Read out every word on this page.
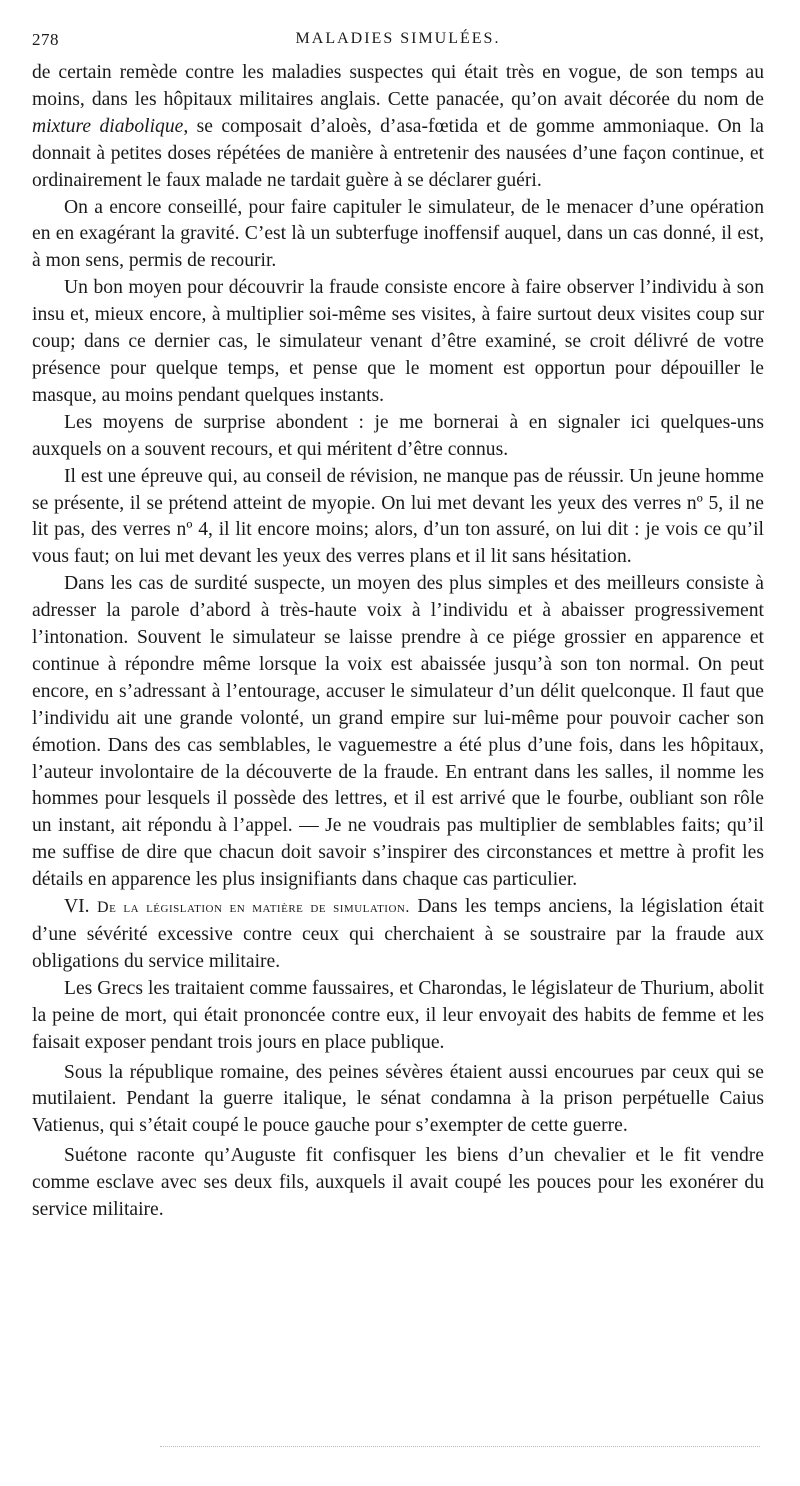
278	MALADIES SIMULÉES.

de certain remède contre les maladies suspectes qui était très en vogue, de son temps au moins, dans les hôpitaux militaires anglais. Cette panacée, qu’on avait décorée du nom de mixture diabolique, se composait d’aloès, d’asa-fœtida et de gomme ammoniaque. On la donnait à petites doses répétées de manière à entretenir des nausées d’une façon continue, et ordinairement le faux malade ne tardait guère à se déclarer guéri.

On a encore conseillé, pour faire capituler le simulateur, de le menacer d’une opération en en exagérant la gravité. C’est là un subterfuge inoffensif auquel, dans un cas donné, il est, à mon sens, permis de recourir.

Un bon moyen pour découvrir la fraude consiste encore à faire observer l’individu à son insu et, mieux encore, à multiplier soi-même ses visites, à faire surtout deux visites coup sur coup; dans ce dernier cas, le simulateur venant d’être examiné, se croit délivré de votre présence pour quelque temps, et pense que le moment est opportun pour dépouiller le masque, au moins pendant quelques instants.

Les moyens de surprise abondent : je me bornerai à en signaler ici quelques-uns auxquels on a souvent recours, et qui méritent d’être connus.

Il est une épreuve qui, au conseil de révision, ne manque pas de réussir. Un jeune homme se présente, il se prétend atteint de myopie. On lui met devant les yeux des verres nº 5, il ne lit pas, des verres nº 4, il lit encore moins; alors, d’un ton assuré, on lui dit : je vois ce qu’il vous faut; on lui met devant les yeux des verres plans et il lit sans hésitation.

Dans les cas de surdité suspecte, un moyen des plus simples et des meilleurs consiste à adresser la parole d’abord à très-haute voix à l’individu et à abaisser progressivement l’intonation. Souvent le simulateur se laisse prendre à ce piége grossier en apparence et continue à répondre même lorsque la voix est abaissée jusqu’à son ton normal. On peut encore, en s’adressant à l’entourage, accuser le simulateur d’un délit quelconque. Il faut que l’individu ait une grande volonté, un grand empire sur lui-même pour pouvoir cacher son émotion. Dans des cas semblables, le vaguemestre a été plus d’une fois, dans les hôpitaux, l’auteur involontaire de la découverte de la fraude. En entrant dans les salles, il nomme les hommes pour lesquels il possède des lettres, et il est arrivé que le fourbe, oubliant son rôle un instant, ait répondu à l’appel. — Je ne voudrais pas multiplier de semblables faits; qu’il me suffise de dire que chacun doit savoir s’inspirer des circonstances et mettre à profit les détails en apparence les plus insignifiants dans chaque cas particulier.

VI. De la législation en matière de simulation. Dans les temps anciens, la législation était d’une sévérité excessive contre ceux qui cherchaient à se soustraire par la fraude aux obligations du service militaire.

Les Grecs les traitaient comme faussaires, et Charondas, le législateur de Thurium, abolit la peine de mort, qui était prononcée contre eux, il leur envoyait des habits de femme et les faisait exposer pendant trois jours en place publique.

Sous la république romaine, des peines sévères étaient aussi encourues par ceux qui se mutilaient. Pendant la guerre italique, le sénat condamna à la prison perpétuelle Caius Vatienus, qui s’était coupé le pouce gauche pour s’exempter de cette guerre.

Suétone raconte qu’Auguste fit confisquer les biens d’un chevalier et le fit vendre comme esclave avec ses deux fils, auxquels il avait coupé les pouces pour les exonérer du service militaire.
